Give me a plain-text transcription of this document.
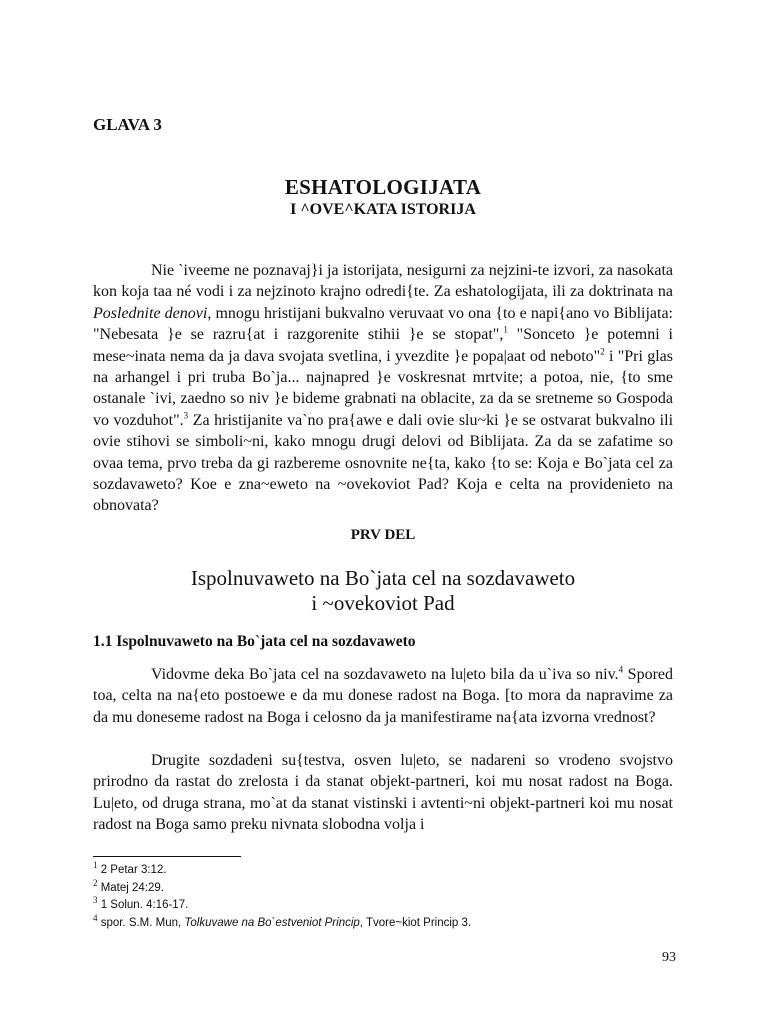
GLAVA 3
ESHATOLOGIJATA
I ^OVE^KATA ISTORIJA

Nie `iveeme ne poznavaj}i ja istorijata, nesigurni za nejzini-te izvori, za nasokata kon koja taa né vodi i za nejzinoto krajno odredi{te. Za eshatologijata, ili za doktrinata na Poslednite denovi, mnogu hristijani bukvalno veruvaat vo ona {to e napi{ano vo Biblijata: "Nebesata }e se razru{at i razgorenite stihii }e se stopat",$^1$ "Sonceto }e potemni i mese~inata nema da ja dava svojata svetlina, i yvezdite }e popa|aat od neboto"$^2$ i "Pri glas na arhangel i pri truba Bo`ja... najnapred }e voskresnat mrtvite; a potoa, nie, {to sme ostanale `ivi, zaedno so niv }e bideme grabnati na oblacite, za da se sretneme so Gospoda vo vozduhot".$^3$ Za hristijanite va`no pra{awe e dali ovie slu~ki }e se ostvarat bukvalno ili ovie stihovi se simboli~ni, kako mnogu drugi delovi od Biblijata. Za da se zafatime so ovaa tema, prvo treba da gi razbereme osnovnite ne{ta, kako {to se: Koja e Bo`jata cel za sozdavaweto? Koe e zna~eweto na ~ovekoviot Pad? Koja e celta na providenieto na obnovata?

PRV DEL
Ispolnuvaweto na Bo`jata cel na sozdavaweto
i ~ovekoviot Pad
1.1 Ispolnuvaweto na Bo`jata cel na sozdavaweto

Vidovme deka Bo`jata cel na sozdavaweto na lu|eto bila da u`iva so niv.$^4$ Spored toa, celta na na{eto postoewe e da mu donese radost na Boga. [to mora da napravime za da mu doneseme radost na Boga i celosno da ja manifestirame na{ata izvorna vrednost?

Drugite sozdadeni su{testva, osven lu|eto, se nadareni so vrodeno svojstvo prirodno da rastat do zrelosta i da stanat objekt-partneri, koi mu nosat radost na Boga. Lu|eto, od druga strana, mo`at da stanat vistinski i avtenti~ni objekt-partneri koi mu nosat radost na Boga samo preku nivnata slobodna volja i

$^1$ 2 Petar 3:12.
$^2$ Matej 24:29.
$^3$ 1 Solun. 4:16-17.
$^4$ spor. S.M. Mun, Tolkuvawe na Bo`estveniot Princip, Tvore~kiot Princip 3.
93
